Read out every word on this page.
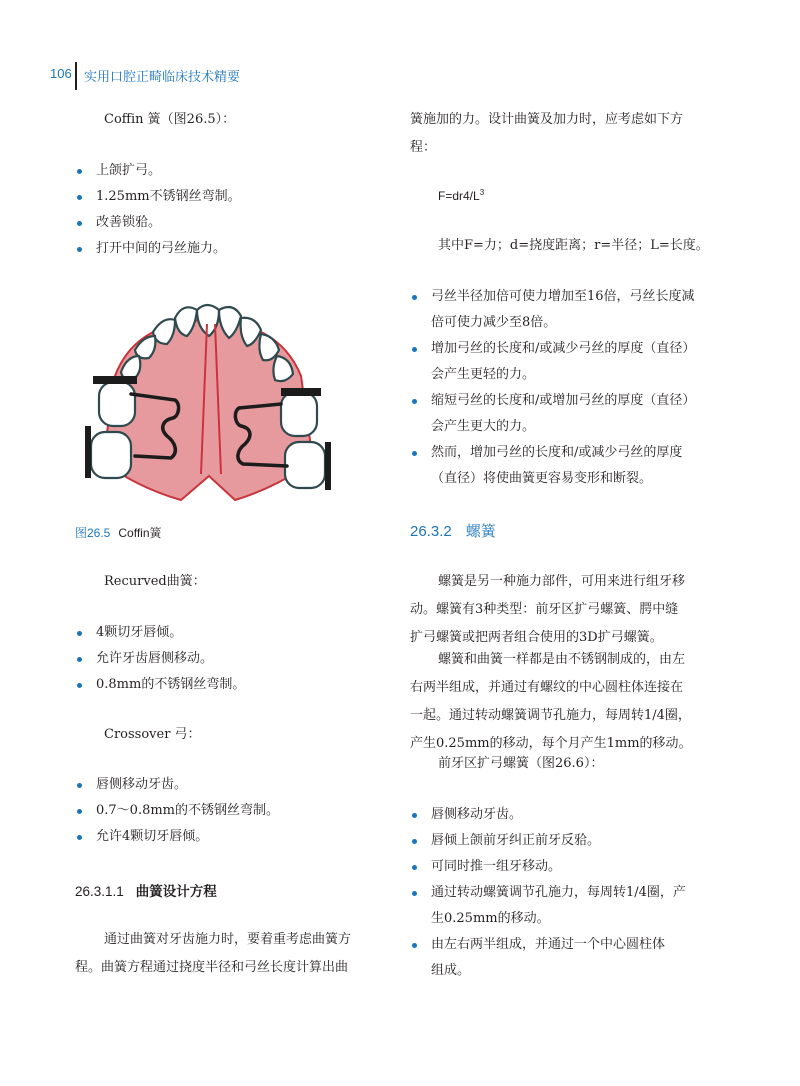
106 实用口腔正畸临床技术精要

Coffin 簧（图26.5）：

上颌扩弓。
1.25mm不锈钢丝弯制。
改善锁𬌗。
打开中间的弓丝施力。
图26.5 Coffin簧

Recurved曲簧：

4颗切牙唇倾。
允许牙齿唇侧移动。
0.8mm的不锈钢丝弯制。

Crossover 弓：

唇侧移动牙齿。
0.7～0.8mm的不锈钢丝弯制。
允许4颗切牙唇倾。
26.3.1.1 曲簧设计方程

通过曲簧对牙齿施力时，要着重考虑曲簧方

程。曲簧方程通过挠度半径和弓丝长度计算出曲

簧施加的力。设计曲簧及加力时，应考虑如下方

程：

$F=dr4/L^3$

其中F=力；d=挠度距离；r=半径；L=长度。

弓丝半径加倍可使力增加至16倍，弓丝长度减
倍可使力减少至8倍。
增加弓丝的长度和/或减少弓丝的厚度（直径）
会产生更轻的力。
缩短弓丝的长度和/或增加弓丝的厚度（直径）
会产生更大的力。
然而，增加弓丝的长度和/或减少弓丝的厚度
（直径）将使曲簧更容易变形和断裂。
26.3.2 螺簧

螺簧是另一种施力部件，可用来进行组牙移

动。螺簧有3种类型：前牙区扩弓螺簧、腭中缝

扩弓螺簧或把两者组合使用的3D扩弓螺簧。

螺簧和曲簧一样都是由不锈钢制成的，由左

右两半组成，并通过有螺纹的中心圆柱体连接在

一起。通过转动螺簧调节孔施力，每周转1/4圈，

产生0.25mm的移动，每个月产生1mm的移动。

前牙区扩弓螺簧（图26.6）：

唇侧移动牙齿。
唇倾上颌前牙纠正前牙反𬌗。
可同时推一组牙移动。
通过转动螺簧调节孔施力，每周转1/4圈，产
生0.25mm的移动。
由左右两半组成，并通过一个中心圆柱体
组成。
